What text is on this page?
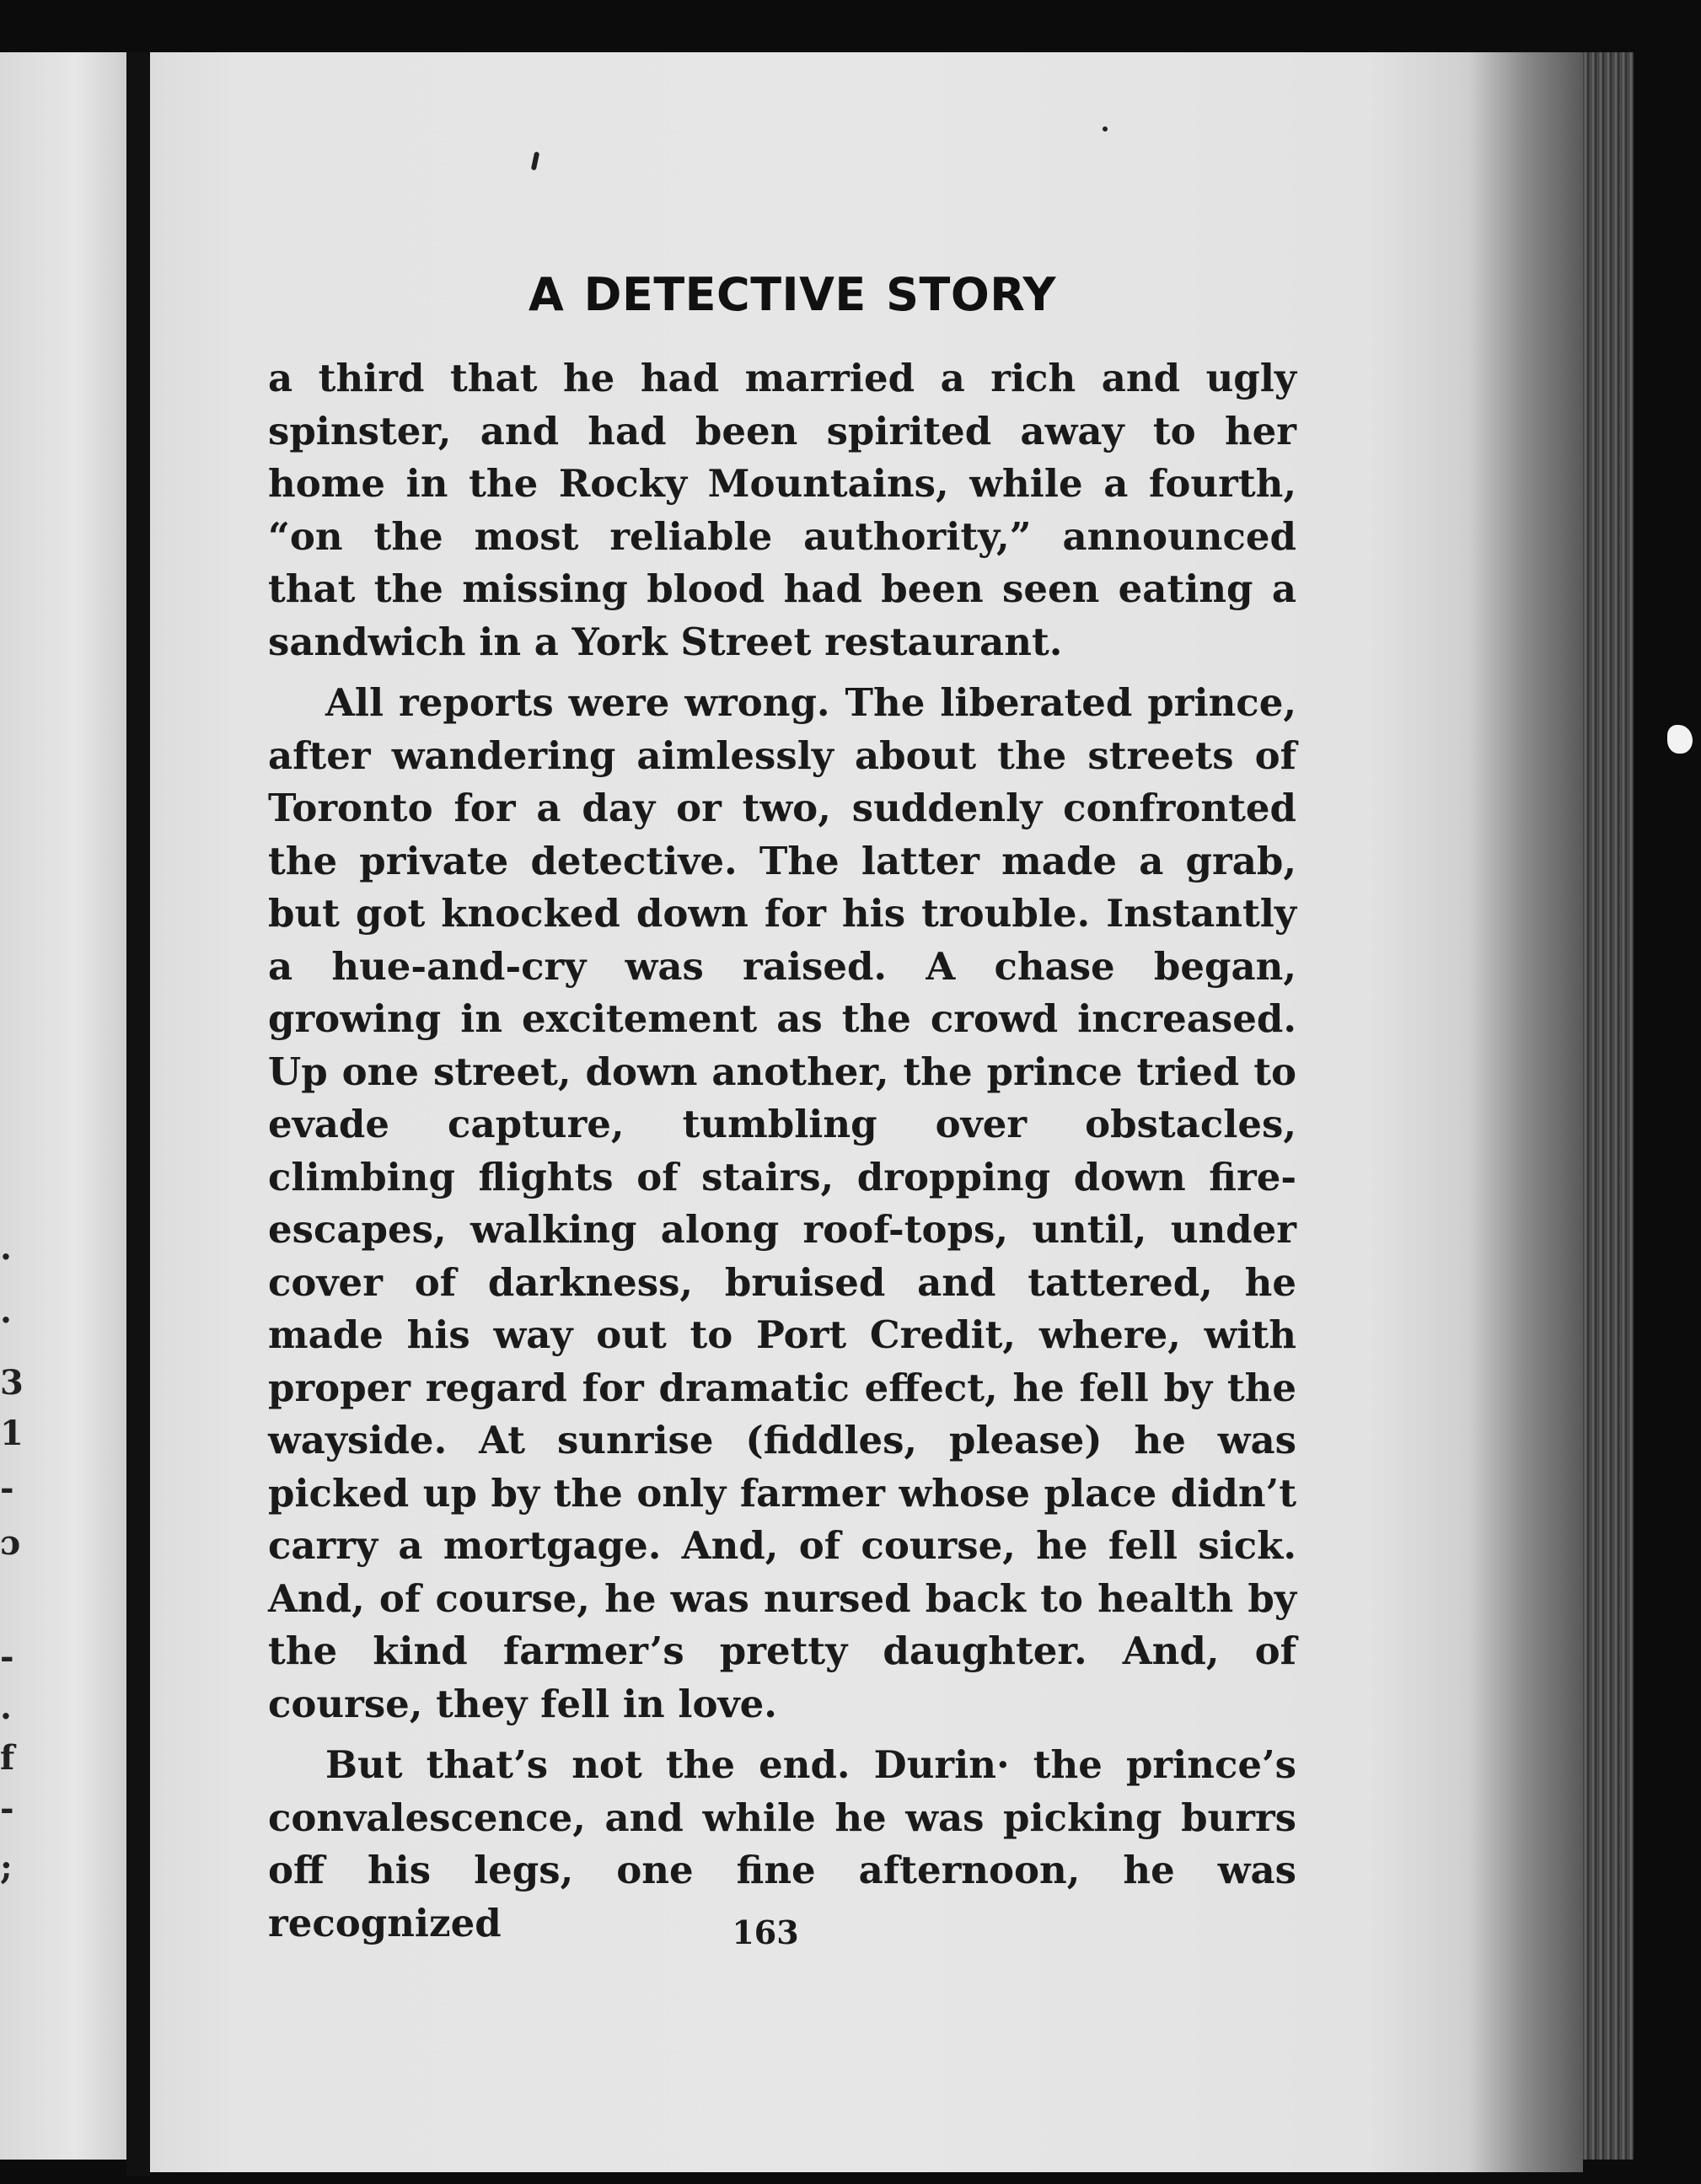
.
.
3
1
-
ɔ
-
.
f
-
;
A DETECTIVE STORY

a third that he had married a rich and ugly spinster, and had been spirited away to her home in the Rocky Mountains, while a fourth, “on the most reliable authority,” announced that the missing blood had been seen eating a sandwich in a York Street restaurant.

All reports were wrong. The liberated prince, after wandering aimlessly about the streets of Toronto for a day or two, suddenly confronted the private detective. The latter made a grab, but got knocked down for his trouble. Instantly a hue-and-cry was raised. A chase began, growing in excitement as the crowd increased. Up one street, down another, the prince tried to evade capture, tumbling over obstacles, climbing flights of stairs, dropping down fire-escapes, walking along roof-tops, until, under cover of darkness, bruised and tattered, he made his way out to Port Credit, where, with proper regard for dramatic effect, he fell by the wayside. At sunrise (fiddles, please) he was picked up by the only farmer whose place didn’t carry a mortgage. And, of course, he fell sick. And, of course, he was nursed back to health by the kind farmer’s pretty daughter. And, of course, they fell in love.

But that’s not the end. Durin· the prince’s convalescence, and while he was picking burrs off his legs, one fine afternoon, he was recognized	163
